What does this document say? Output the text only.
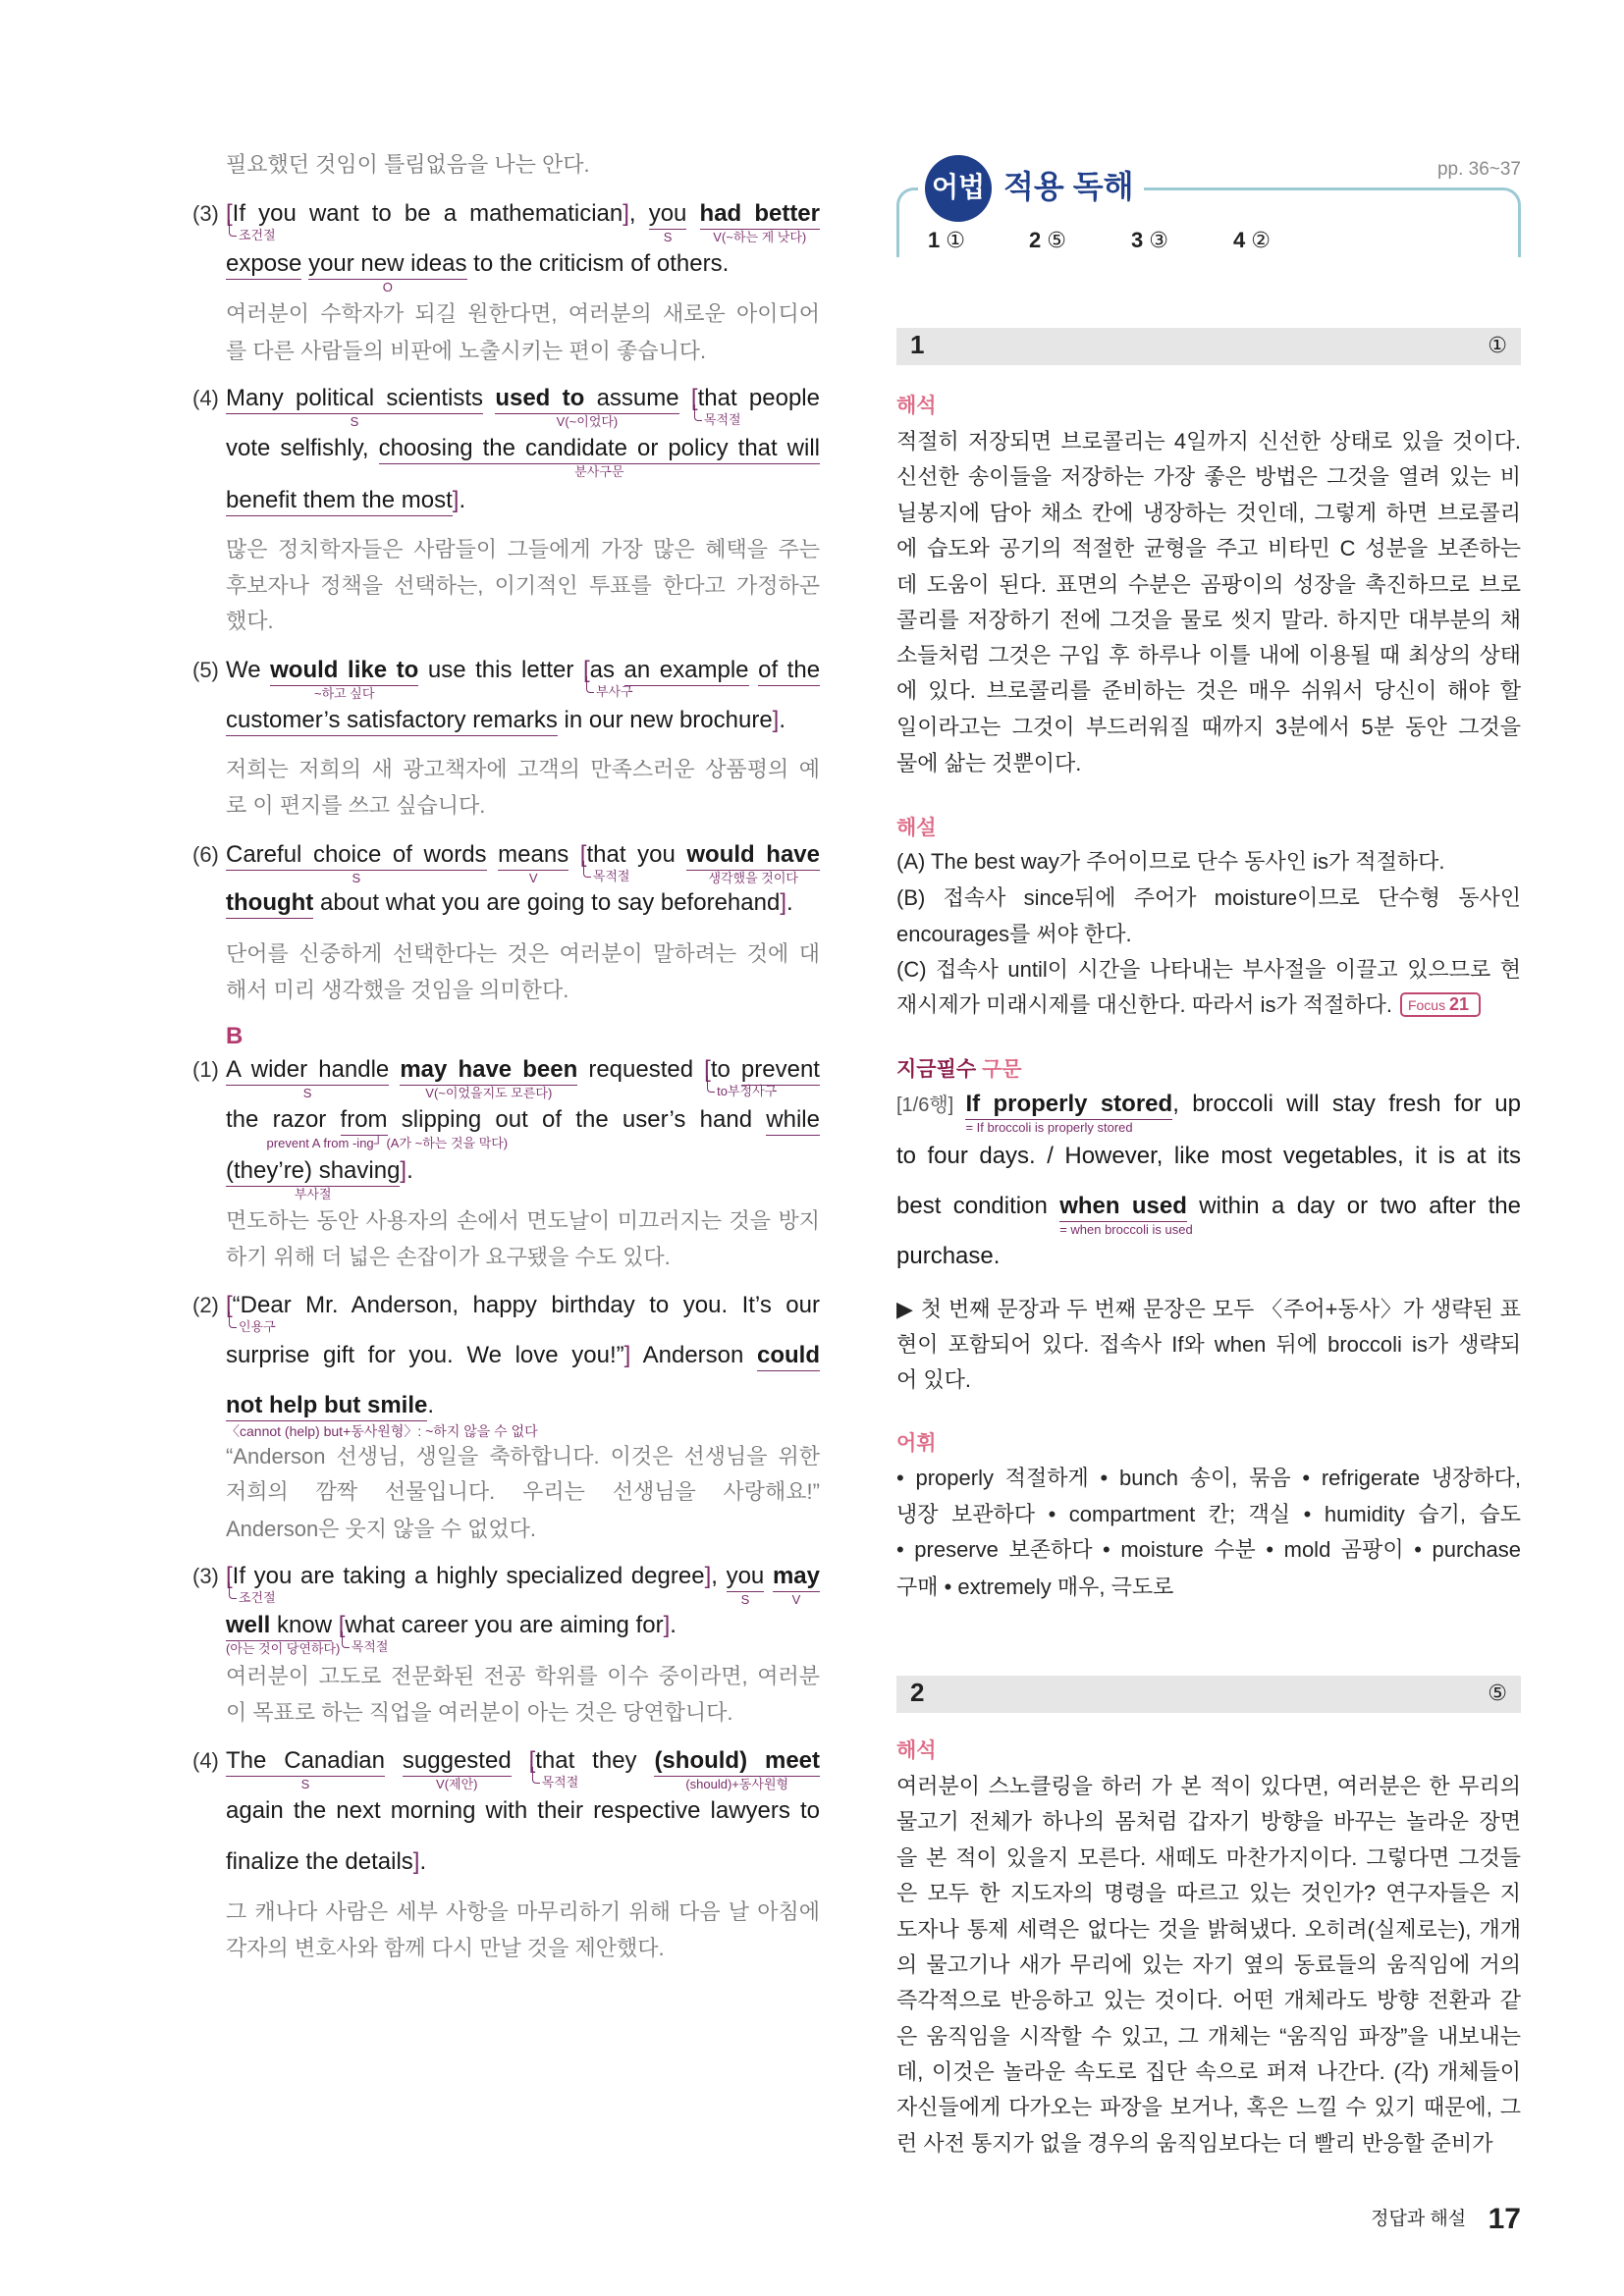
어법 적용 독해	pp. 36~37
1 ①	2 ⑤	3 ③	4 ②
1	①
2	⑤
필요했던 것임이 틀림없음을 나는 안다.
(3) [
조건절
If you want to be a mathematician], you
S
had better
V(~하는 게 낫다)
expose your new ideas
O
to the criticism of others.
여러분이 수학자가 되길 원한다면, 여러분의 새로운 아이디어
를 다른 사람들의 비판에 노출시키는 편이 좋습니다.
(4) Many political scientists
S
used to assume
V(~이었다)
[
목적절
that people
vote selfishly, choosing the candidate or policy that will
분사구문
benefit them the most].
많은 정치학자들은 사람들이 그들에게 가장 많은 혜택을 주는
후보자나 정책을 선택하는, 이기적인 투표를 한다고 가정하곤
했다.
(5) We would like to
~하고 싶다
use this letter [
부사구
as an example of the
customer’s satisfactory remarks in our new brochure].
저희는 저희의 새 광고책자에 고객의 만족스러운 상품평의 예
로 이 편지를 쓰고 싶습니다.
(6) Careful choice of words
S
means
V
[
목적절
that you would have
생각했을 것이다
thought about what you are going to say beforehand].
단어를 신중하게 선택한다는 것은 여러분이 말하려는 것에 대
해서 미리 생각했을 것임을 의미한다.
B
(1) A wider handle
S
may have been
V(~이었을지도 모른다)
requested [
to부정사구
to prevent
the razor from
prevent A from -ing┘ (A가 ~하는 것을 막다)
slipping out of the user’s hand while
(they’re) shaving
부사절
].
면도하는 동안 사용자의 손에서 면도날이 미끄러지는 것을 방지
하기 위해 더 넓은 손잡이가 요구됐을 수도 있다.
(2) [
인용구
“Dear Mr. Anderson, happy birthday to you. It’s our
surprise gift for you. We love you!”] Anderson could
not help but smile.
〈cannot (help) but+동사원형〉: ~하지 않을 수 없다
“Anderson 선생님, 생일을 축하합니다. 이것은 선생님을 위한
저희의 깜짝 선물입니다. 우리는 선생님을 사랑해요!”
Anderson은 웃지 않을 수 없었다.
(3) [
조건절
If you are taking a highly specialized degree], you
S
may
V
well know
(아는 것이 당연하다)
[
목적절
what career you are aiming for].
여러분이 고도로 전문화된 전공 학위를 이수 중이라면, 여러분
이 목표로 하는 직업을 여러분이 아는 것은 당연합니다.
(4) The Canadian
S
suggested
V(제안)
[
목적절
that they (should) meet
(should)+동사원형
again the next morning with their respective lawyers to
finalize the details].
그 캐나다 사람은 세부 사항을 마무리하기 위해 다음 날 아침에
각자의 변호사와 함께 다시 만날 것을 제안했다.
해석
적절히 저장되면 브로콜리는 4일까지 신선한 상태로 있을 것이다.
신선한 송이들을 저장하는 가장 좋은 방법은 그것을 열려 있는 비
닐봉지에 담아 채소 칸에 냉장하는 것인데, 그렇게 하면 브로콜리
에 습도와 공기의 적절한 균형을 주고 비타민 C 성분을 보존하는
데 도움이 된다. 표면의 수분은 곰팡이의 성장을 촉진하므로 브로
콜리를 저장하기 전에 그것을 물로 씻지 말라. 하지만 대부분의 채
소들처럼 그것은 구입 후 하루나 이틀 내에 이용될 때 최상의 상태
에 있다. 브로콜리를 준비하는 것은 매우 쉬워서 당신이 해야 할
일이라고는 그것이 부드러워질 때까지 3분에서 5분 동안 그것을
물에 삶는 것뿐이다.
해설
(A) The best way가 주어이므로 단수 동사인 is가 적절하다.
(B) 접속사 since뒤에 주어가 moisture이므로 단수형 동사인
encourages를 써야 한다.
(C) 접속사 until이 시간을 나타내는 부사절을 이끌고 있으므로 현
재시제가 미래시제를 대신한다. 따라서 is가 적절하다. Focus 21
지금필수 구문
[1/6행] If properly stored
= If broccoli is properly stored
, broccoli will stay fresh for up
to four days. / However, like most vegetables, it is at its
best condition when used
= when broccoli is used
within a day or two after the
purchase.
▶ 첫 번째 문장과 두 번째 문장은 모두 〈주어+동사〉가 생략된 표
현이 포함되어 있다. 접속사 If와 when 뒤에 broccoli is가 생략되
어 있다.
어휘
• properly 적절하게 • bunch 송이, 묶음 • refrigerate 냉장하다,
냉장 보관하다 • compartment 칸; 객실 • humidity 습기, 습도
• preserve 보존하다 • moisture 수분 • mold 곰팡이 • purchase
구매 • extremely 매우, 극도로
해석
여러분이 스노클링을 하러 가 본 적이 있다면, 여러분은 한 무리의
물고기 전체가 하나의 몸처럼 갑자기 방향을 바꾸는 놀라운 장면
을 본 적이 있을지 모른다. 새떼도 마찬가지이다. 그렇다면 그것들
은 모두 한 지도자의 명령을 따르고 있는 것인가? 연구자들은 지
도자나 통제 세력은 없다는 것을 밝혀냈다. 오히려(실제로는), 개개
의 물고기나 새가 무리에 있는 자기 옆의 동료들의 움직임에 거의
즉각적으로 반응하고 있는 것이다. 어떤 개체라도 방향 전환과 같
은 움직임을 시작할 수 있고, 그 개체는 “움직임 파장”을 내보내는
데, 이것은 놀라운 속도로 집단 속으로 퍼져 나간다. (각) 개체들이
자신들에게 다가오는 파장을 보거나, 혹은 느낄 수 있기 때문에, 그
런 사전 통지가 없을 경우의 움직임보다는 더 빨리 반응할 준비가
정답과 해설 17
